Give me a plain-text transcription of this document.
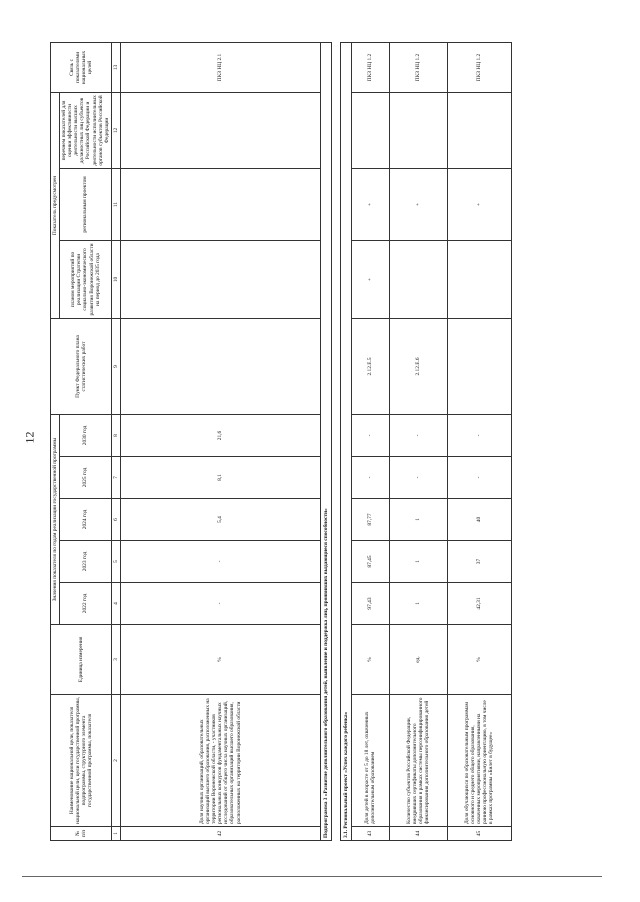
12
№ п/п	Наименование национальной цели, показателя национальной цели, цели государственной программы, подпрограммы, структурного элемента государственной программы, показателя	Единица измерения	Значения показателя по годам реализации государственной программы					Пункт Федерального плана статистических работ	Показатель предусмотрен			Связь с показателями национальных целей
			2022 год	2023 год	2024 год	2025 год	2030 год		планом мероприятий по реализации Стратегии социально-экономического развития Воронежской области на период до 2035 года	региональным проектом	перечнем показателей для оценки эффективности деятельности высших должностных лиц субъектов Российской Федерации и деятельности исполнительных органов субъектов Российской Федерации	
1	2	3	4	5	6	7	8	9	10	11	12	13
42	Доля научных организаций, образовательных организаций высшего образования, расположенных на территории Воронежской области, - участников региональных конкурсов фундаментальных научных исследований от общего числа научных организаций, образовательных организаций высшего образования, расположенных на территории Воронежской области	%	-	-	5,4	8,1	21,6					ПКЗ НЦ 2.1
Подпрограмма 3 «Развитие дополнительного образования детей, выявление и поддержка лиц, проявивших выдающиеся способности»												

3.1. Региональный проект «Успех каждого ребенка»												
43	Доля детей в возрасте от 5 до 18 лет, охваченных дополнительным образованием	%	97,43	87,45	87,77	-	-	2.12.Е.5	+	+		ПКЗ НЦ 1.2
44	Количество субъектов Российской Федерации, внедривших сертификаты дополнительного образования в рамках системы персонифицированного финансирования дополнительного образования детей	ед.	1	1	1	-	-	2.12.Е.6		+		ПКЗ НЦ 1.2
45	Доля обучающихся по образовательным программам основного и среднего общего образования, охваченных мероприятиями, направленными на раннюю профессиональную ориентацию, в том числе в рамках программы «Билет в будущее»	%	42,31	37	40	-	-			+		ПКЗ НЦ 1.2
